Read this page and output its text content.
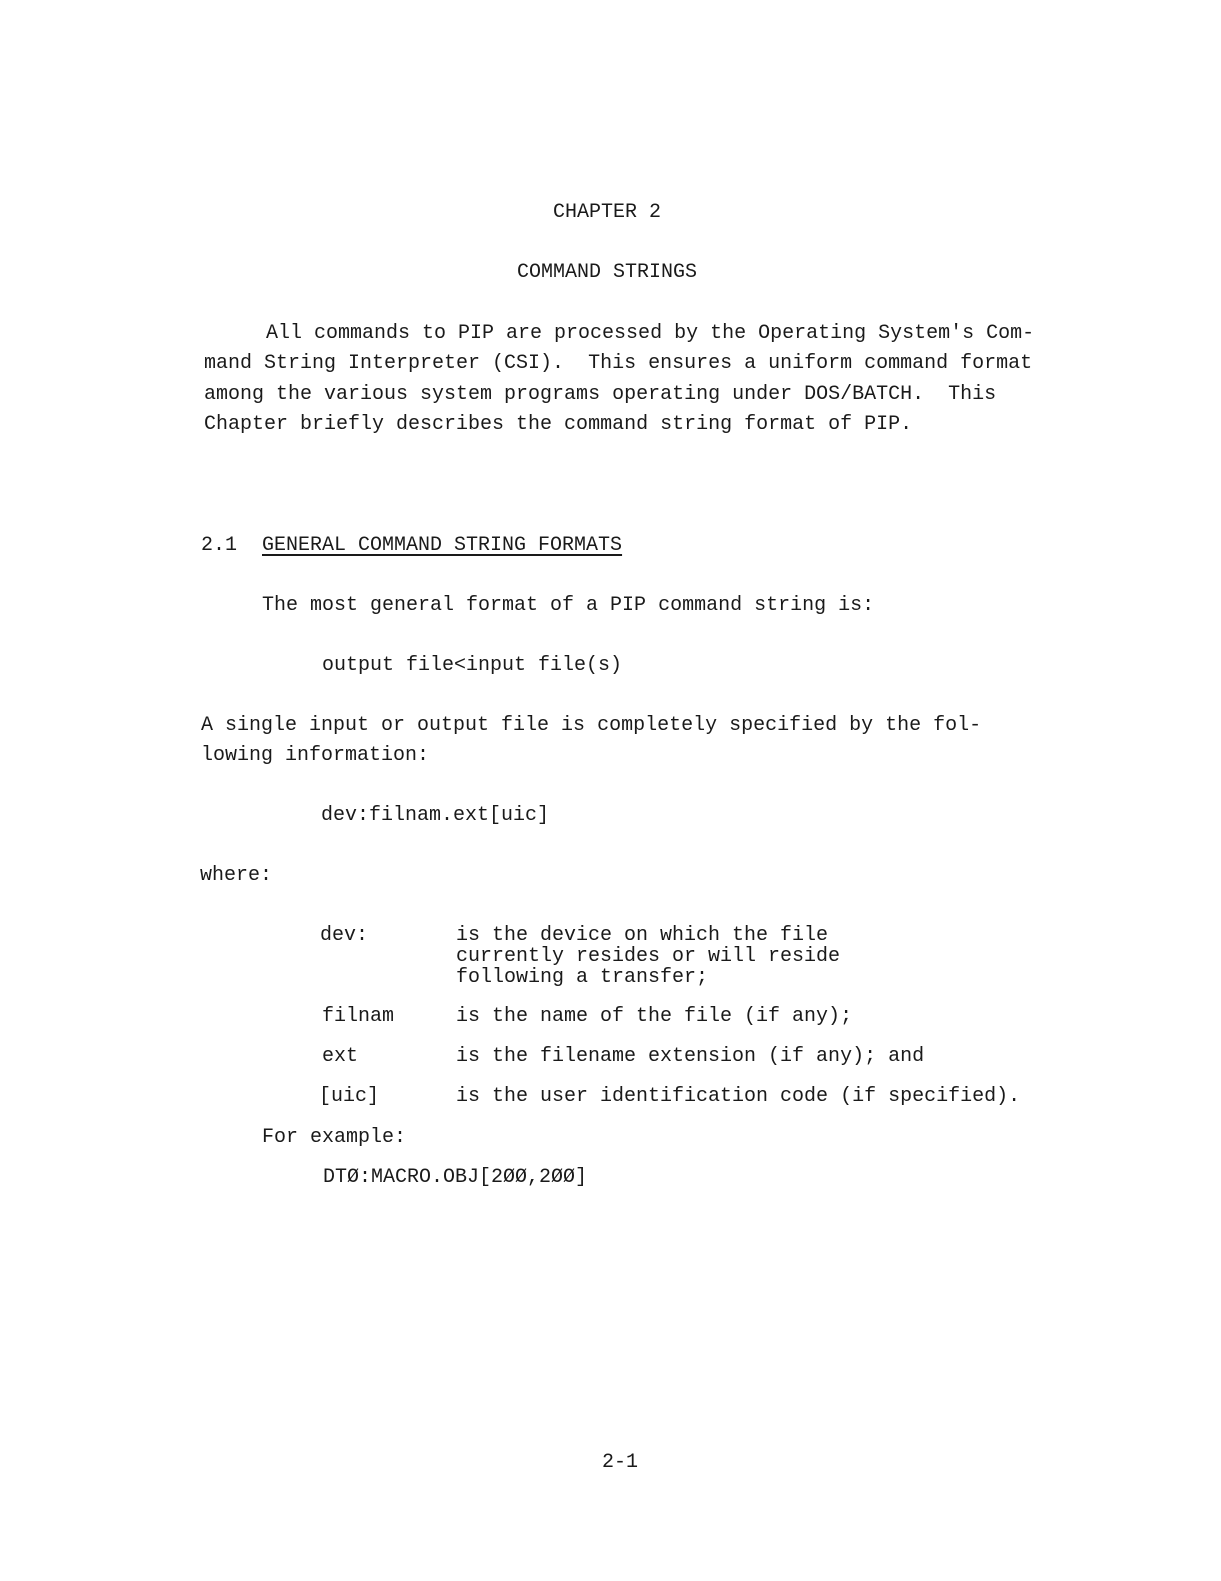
CHAPTER 2
COMMAND STRINGS
All commands to PIP are processed by the Operating System's Com-
mand String Interpreter (CSI).  This ensures a uniform command format
among the various system programs operating under DOS/BATCH.  This
Chapter briefly describes the command string format of PIP.
2.1 GENERAL COMMAND STRING FORMATS
The most general format of a PIP command string is:
output file<input file(s)
A single input or output file is completely specified by the fol-
lowing information:
dev:filnam.ext[uic]
where:
dev:	is the device on which the file
currently resides or will reside
following a transfer;
filnam	is the name of the file (if any);
ext	is the filename extension (if any); and
[uic]	is the user identification code (if specified).
For example:
DTØ:MACRO.OBJ[2ØØ,2ØØ]
2-1
